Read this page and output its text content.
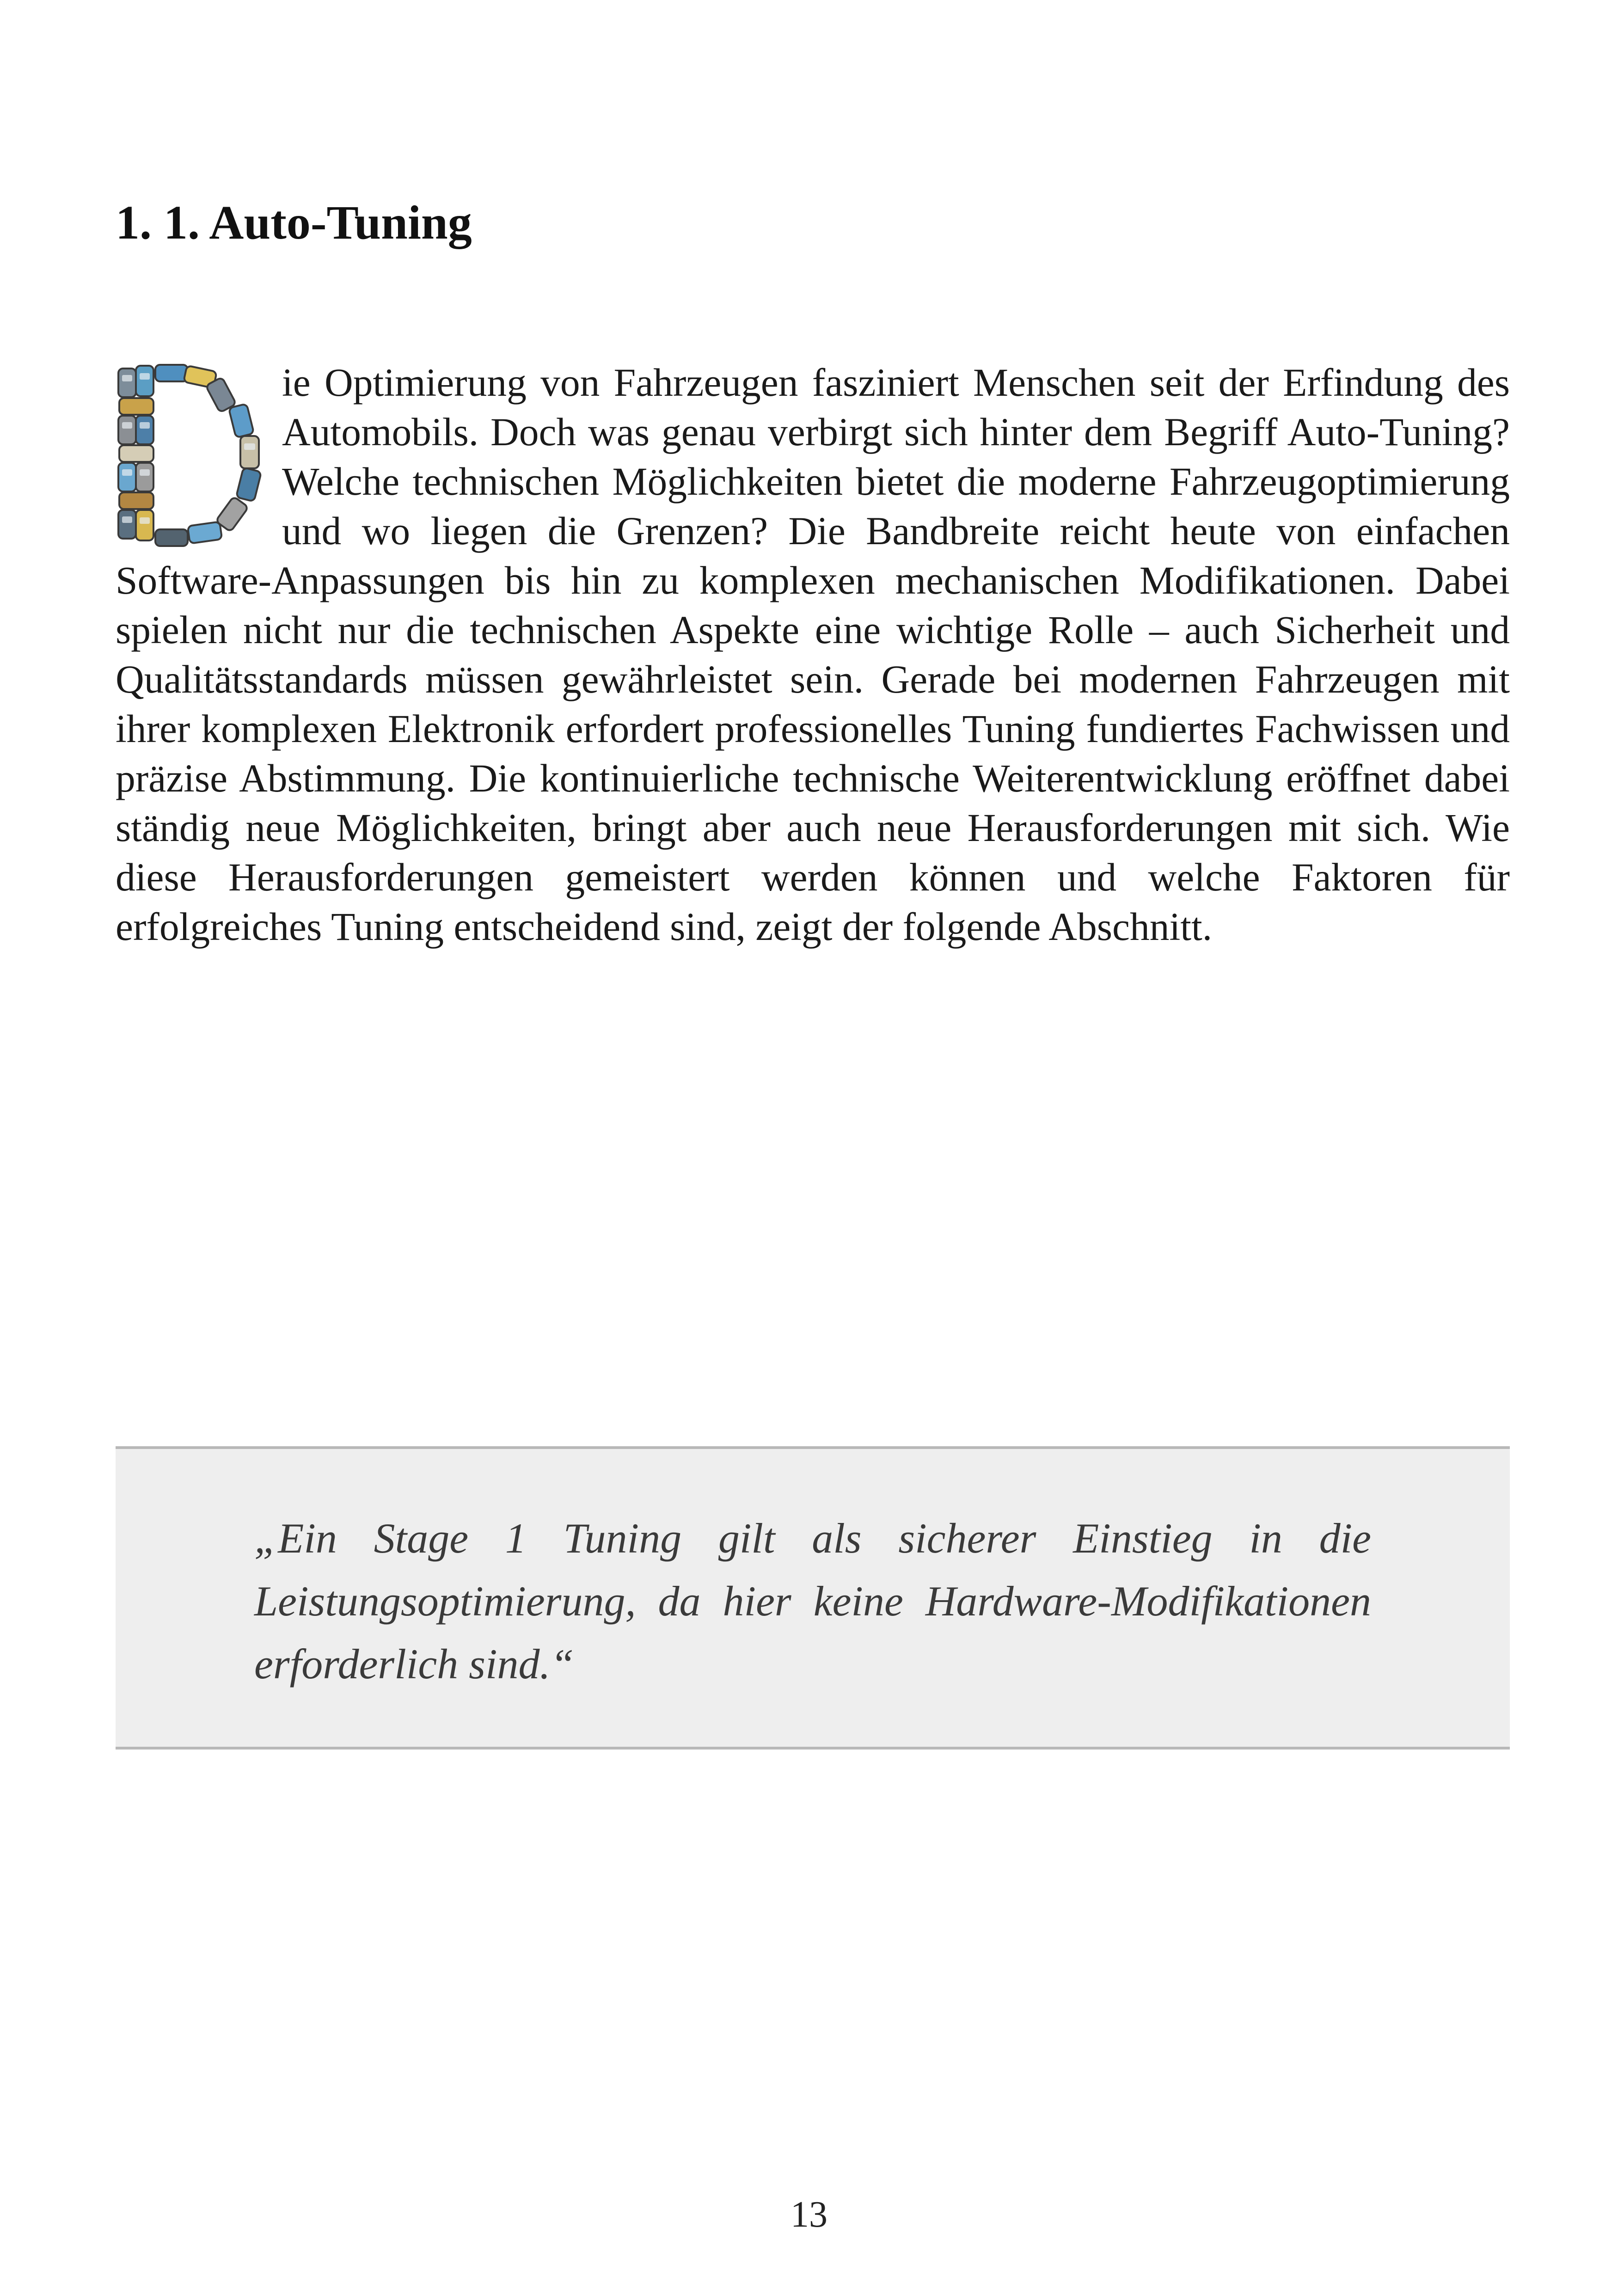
1. 1. Auto-Tuning

ie Optimierung von Fahrzeugen fasziniert Menschen seit der Erfindung des Automobils. Doch was genau verbirgt sich hinter dem Begriff Auto-Tuning? Welche technischen Möglichkeiten bietet die moderne Fahrzeugoptimierung und wo liegen die Grenzen? Die Bandbreite reicht heute von einfachen Software-Anpassungen bis hin zu komplexen mechanischen Modifikationen. Dabei spielen nicht nur die technischen Aspekte eine wichtige Rolle – auch Sicherheit und Qualitätsstandards müssen gewährleistet sein. Gerade bei modernen Fahrzeugen mit ihrer komplexen Elektronik erfordert professionelles Tuning fundiertes Fachwissen und präzise Abstimmung. Die kontinuierliche technische Weiterentwicklung eröffnet dabei ständig neue Möglichkeiten, bringt aber auch neue Herausforderungen mit sich. Wie diese Herausforderungen gemeistert werden können und welche Faktoren für erfolgreiches Tuning entscheidend sind, zeigt der folgende Abschnitt.

„Ein Stage 1 Tuning gilt als sicherer Einstieg in die Leistungsoptimierung, da hier keine Hardware-Modifikationen erforderlich sind.“

13
